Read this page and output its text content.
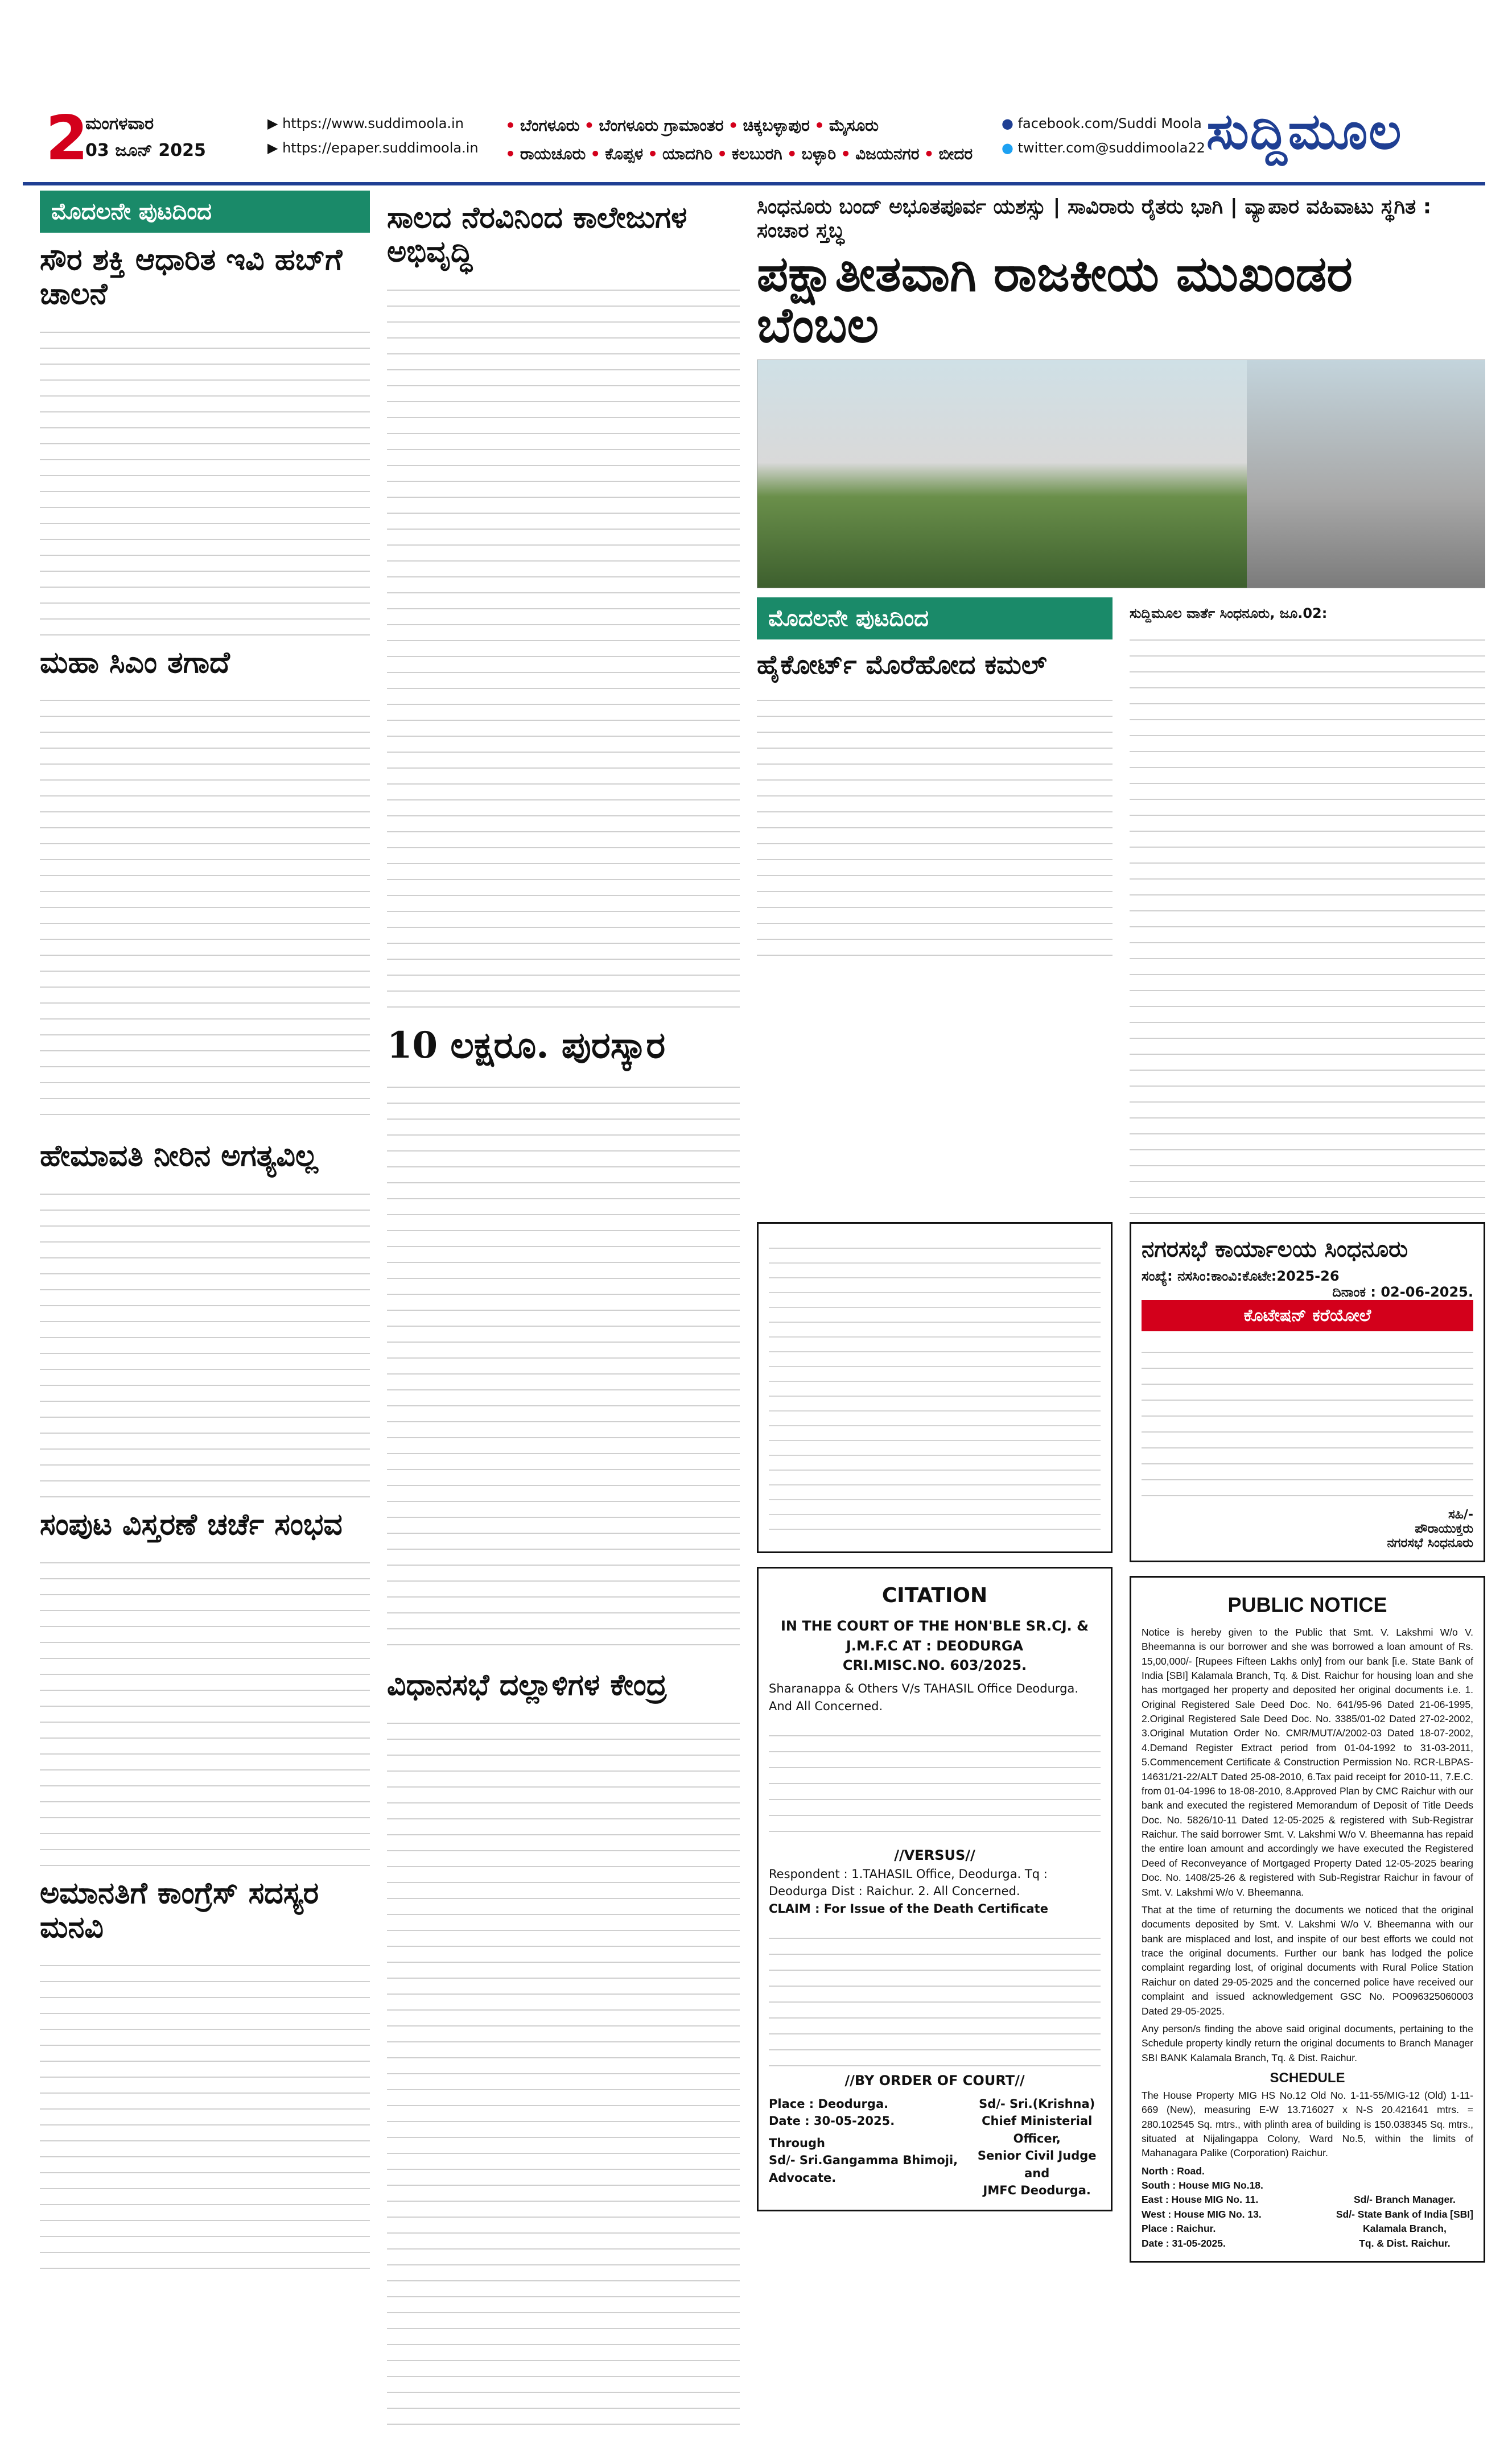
2
ಮಂಗಳವಾರ
03 ಜೂನ್ 2025
▶ https://www.suddimoola.in
▶ https://epaper.suddimoola.in
• ಬೆಂಗಳೂರು • ಬೆಂಗಳೂರು ಗ್ರಾಮಾಂತರ • ಚಿಕ್ಕಬಳ್ಳಾಪುರ • ಮೈಸೂರು
• ರಾಯಚೂರು • ಕೊಪ್ಪಳ • ಯಾದಗಿರಿ • ಕಲಬುರಗಿ • ಬಳ್ಳಾರಿ • ವಿಜಯನಗರ • ಬೀದರ
● facebook.com/Suddi Moola
● twitter.com@suddimoola22 ಸುದ್ದಿಮೂಲ
ಮೊದಲನೇ ಪುಟದಿಂದ
ಸೌರ ಶಕ್ತಿ ಆಧಾರಿತ ಇವಿ ಹಬ್‌ಗೆ ಚಾಲನೆ
ಮಹಾ ಸಿಎಂ ತಗಾದೆ
ಹೇಮಾವತಿ ನೀರಿನ ಅಗತ್ಯವಿಲ್ಲ
ಸಂಪುಟ ವಿಸ್ತರಣೆ ಚರ್ಚೆ ಸಂಭವ
ಅಮಾನತಿಗೆ ಕಾಂಗ್ರೆಸ್ ಸದಸ್ಯರ ಮನವಿ
ಸಾಲದ ನೆರವಿನಿಂದ ಕಾಲೇಜುಗಳ ಅಭಿವೃದ್ಧಿ
10 ಲಕ್ಷರೂ. ಪುರಸ್ಕಾರ
ವಿಧಾನಸಭೆ ದಲ್ಲಾಳಿಗಳ ಕೇಂದ್ರ
ಸಿಂಧನೂರು ಬಂದ್ ಅಭೂತಪೂರ್ವ ಯಶಸ್ಸು | ಸಾವಿರಾರು ರೈತರು ಭಾಗಿ | ವ್ಯಾಪಾರ ವಹಿವಾಟು ಸ್ಥಗಿತ : ಸಂಚಾರ ಸ್ತಬ್ಧ
ಪಕ್ಷಾತೀತವಾಗಿ ರಾಜಕೀಯ ಮುಖಂಡರ ಬೆಂಬಲ
ಮೊದಲನೇ ಪುಟದಿಂದ
ಹೈಕೋರ್ಟ್ ಮೊರೆಹೋದ ಕಮಲ್
ಸುದ್ದಿಮೂಲ ವಾರ್ತೆ ಸಿಂಧನೂರು, ಜೂ.02:
CITATION
IN THE COURT OF THE HON'BLE SR.CJ. & J.M.F.C AT : DEODURGA
CRI.MISC.NO. 603/2025.
Sharanappa & Others V/s TAHASIL Office Deodurga. And All Concerned.
//VERSUS//
Respondent : 1.TAHASIL Office, Deodurga. Tq : Deodurga Dist : Raichur. 2. All Concerned.
CLAIM : For Issue of the Death Certificate
//BY ORDER OF COURT//
Place : Deodurga.
Date : 30-05-2025.
Through
Sd/- Sri.Gangamma Bhimoji, Advocate.
Sd/- Sri.(Krishna)
Chief Ministerial Officer,
Senior Civil Judge and
JMFC Deodurga.
ನಗರಸಭೆ ಕಾರ್ಯಾಲಯ ಸಿಂಧನೂರು
ಸಂಖ್ಯೆ: ನಸಸಿಂ:ಕಾಂವಿ:ಕೊಟೇ:2025-26
ದಿನಾಂಕ : 02-06-2025.
ಕೊಟೇಷನ್ ಕರೆಯೋಲೆ
ಸಹಿ/-
ಪೌರಾಯುಕ್ತರು
ನಗರಸಭೆ ಸಿಂಧನೂರು
PUBLIC NOTICE
Notice is hereby given to the Public that Smt. V. Lakshmi W/o V. Bheemanna is our borrower and she was borrowed a loan amount of Rs. 15,00,000/- [Rupees Fifteen Lakhs only] from our bank [i.e. State Bank of India [SBI] Kalamala Branch, Tq. & Dist. Raichur for housing loan and she has mortgaged her property and deposited her original documents i.e. 1. Original Registered Sale Deed Doc. No. 641/95-96 Dated 21-06-1995, 2.Original Registered Sale Deed Doc. No. 3385/01-02 Dated 27-02-2002, 3.Original Mutation Order No. CMR/MUT/A/2002-03 Dated 18-07-2002, 4.Demand Register Extract period from 01-04-1992 to 31-03-2011, 5.Commencement Certificate & Construction Permission No. RCR-LBPAS-14631/21-22/ALT Dated 25-08-2010, 6.Tax paid receipt for 2010-11, 7.E.C. from 01-04-1996 to 18-08-2010, 8.Approved Plan by CMC Raichur with our bank and executed the registered Memorandum of Deposit of Title Deeds Doc. No. 5826/10-11 Dated 12-05-2025 & registered with Sub-Registrar Raichur. The said borrower Smt. V. Lakshmi W/o V. Bheemanna has repaid the entire loan amount and accordingly we have executed the Registered Deed of Reconveyance of Mortgaged Property Dated 12-05-2025 bearing Doc. No. 1408/25-26 & registered with Sub-Registrar Raichur in favour of Smt. V. Lakshmi W/o V. Bheemanna.
That at the time of returning the documents we noticed that the original documents deposited by Smt. V. Lakshmi W/o V. Bheemanna with our bank are misplaced and lost, and inspite of our best efforts we could not trace the original documents. Further our bank has lodged the police complaint regarding lost, of original documents with Rural Police Station Raichur on dated 29-05-2025 and the concerned police have received our complaint and issued acknowledgement GSC No. PO096325060003 Dated 29-05-2025.
Any person/s finding the above said original documents, pertaining to the Schedule property kindly return the original documents to Branch Manager SBI BANK Kalamala Branch, Tq. & Dist. Raichur.
SCHEDULE
The House Property MIG HS No.12 Old No. 1-11-55/MIG-12 (Old) 1-11-669 (New), measuring E-W 13.716027 x N-S 20.421641 mtrs. = 280.102545 Sq. mtrs., with plinth area of building is 150.038345 Sq. mtrs., situated at Nijalingappa Colony, Ward No.5, within the limits of Mahanagara Palike (Corporation) Raichur.
North : Road.
South : House MIG No.18.
East : House MIG No. 11.
West : House MIG No. 13.
Place : Raichur.
Date : 31-05-2025.
Sd/- Branch Manager.
Sd/- State Bank of India [SBI]
Kalamala Branch,
Tq. & Dist. Raichur.
